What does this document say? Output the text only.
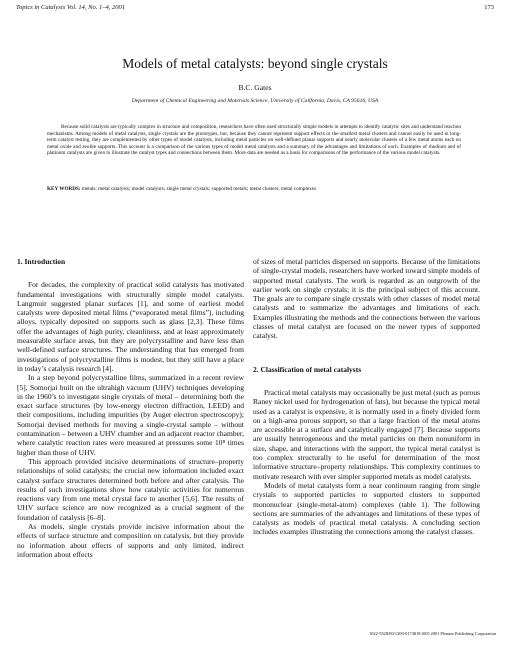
Topics in Catalysis Vol. 14, No. 1–4, 2001	173
Models of metal catalysts: beyond single crystals
B.C. Gates
Department of Chemical Engineering and Materials Science, University of California, Davis, CA 95616, USA

Because solid catalysts are typically complex in structure and composition, researchers have often used structurally simple models in attempts to identify catalytic sites and understand reaction mechanisms. Among models of metal catalysts, single crystals are the prototypes, but, because they cannot represent support effects or the smallest metal clusters and cannot easily be used in long-term catalyst testing, they are complemented by other types of model catalysts, including metal particles on well-defined planar supports and nearly molecular clusters of a few metal atoms each on metal oxide and zeolite supports. This account is a comparison of the various types of model metal catalysts and a summary of the advantages and limitations of each. Examples of rhodium and of platinum catalysts are given to illustrate the catalyst types and connections between them. More data are needed as a basis for comparisons of the performance of the various model catalysts.

KEY WORDS: metals; metal catalysts; model catalysts; single metal crystals; supported metals; metal clusters; metal complexes
1. Introduction

For decades, the complexity of practical solid catalysts has motivated fundamental investigations with structurally simple model catalysts. Langmuir suggested planar surfaces [1], and some of earliest model catalysts were deposited metal films (“evaporated metal films”), including alloys, typically deposited on supports such as glass [2,3]. These films offer the advantages of high purity, cleanliness, and at least approximately measurable surface areas, but they are polycrystalline and have less than well-defined surface structures. The understanding that has emerged from investigations of polycrystalline films is modest, but they still have a place in today’s catalysis research [4].

In a step beyond polycrystalline films, summarized in a recent review [5], Somorjai built on the ultrahigh vacuum (UHV) techniques developing in the 1960’s to investigate single crystals of metal – determining both the exact surface structures (by low-energy electron diffraction, LEED) and their compositions, including impurities (by Auger electron spectroscopy); Somorjai devised methods for moving a single-crystal sample – without contamination – between a UHV chamber and an adjacent reactor chamber, where catalytic reaction rates were measured at pressures some 10⁸ times higher than those of UHV.

This approach provided incisive determinations of structure–property relationships of solid catalysts; the crucial new information included exact catalyst surface structures determined both before and after catalysis. The results of such investigations show how catalytic activities for numerous reactions vary from one metal crystal face to another [5,6]. The results of UHV surface science are now recognized as a crucial segment of the foundation of catalysis [6–8].

As models, single crystals provide incisive information about the effects of surface structure and composition on catalysis, but they provide no information about effects of supports and only limited, indirect information about effects

of sizes of metal particles dispersed on supports. Because of the limitations of single-crystal models, researchers have worked toward simple models of supported metal catalysts. The work is regarded as an outgrowth of the earlier work on single crystals; it is the principal subject of this account. The goals are to compare single crystals with other classes of model metal catalysts and to summarize the advantages and limitations of each. Examples illustrating the methods and the connections between the various classes of metal catalyst are focused on the newer types of supported catalyst.

2. Classification of metal catalysts

Practical metal catalysts may occasionally be just metal (such as porous Raney nickel used for hydrogenation of fats), but because the typical metal used as a catalyst is expensive, it is normally used in a finely divided form on a high-area porous support, so that a large fraction of the metal atoms are accessible at a surface and catalytically engaged [7]. Because supports are usually heterogeneous and the metal particles on them nonuniform in size, shape, and interactions with the support, the typical metal catalyst is too complex structurally to be useful for determination of the most informative structure–property relationships. This complexity continues to motivate research with ever simpler supported metals as model catalysts.

Models of metal catalysts form a near continuum ranging from single crystals to supported particles to supported clusters to supported mononuclear (single-metal-atom) complexes (table 1). The following sections are summaries of the advantages and limitations of these types of catalysts as models of practical metal catalysts. A concluding section includes examples illustrating the connections among the catalyst classes.

1022-5528/00/1200-0173$18.00/0 2001 Plenum Publishing Corporation
